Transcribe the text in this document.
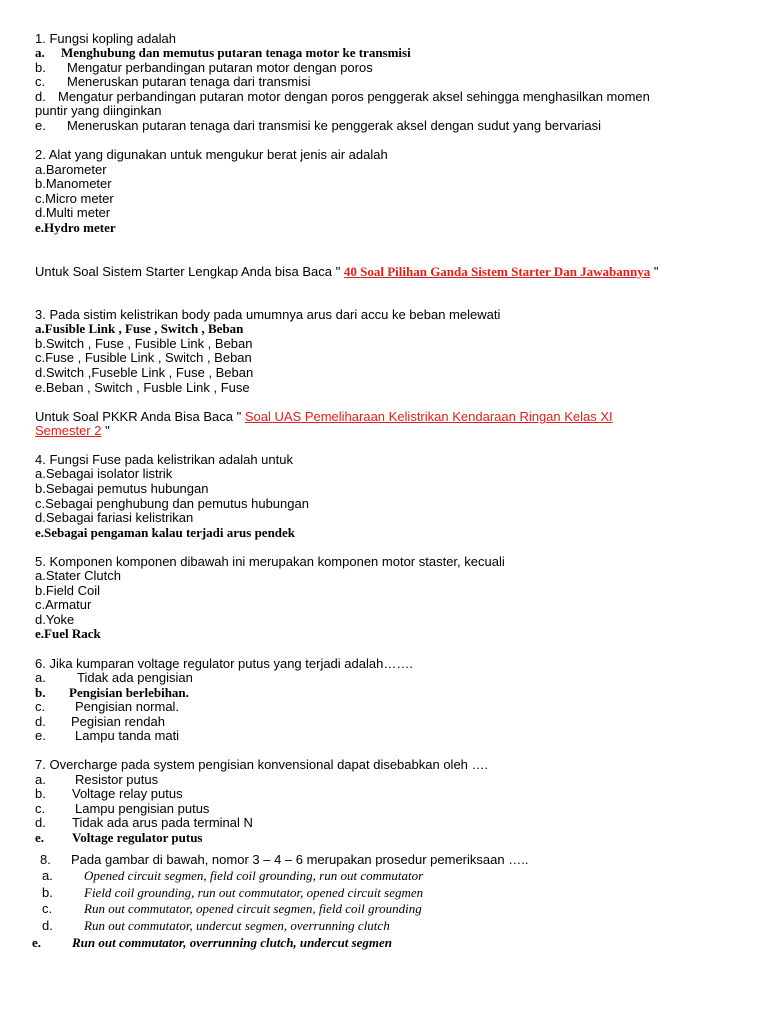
1. Fungsi kopling adalah
a. Menghubung dan memutus putaran tenaga motor ke transmisi
b. Mengatur perbandingan putaran motor dengan poros
c. Meneruskan putaran tenaga dari transmisi
d. Mengatur perbandingan putaran motor dengan poros penggerak aksel sehingga menghasilkan momen
puntir yang diinginkan
e. Meneruskan putaran tenaga dari transmisi ke penggerak aksel dengan sudut yang bervariasi
2. Alat yang digunakan untuk mengukur berat jenis air adalah
a.Barometer
b.Manometer
c.Micro meter
d.Multi meter
e.Hydro meter
Untuk Soal Sistem Starter Lengkap Anda bisa Baca " 40 Soal Pilihan Ganda Sistem Starter Dan Jawabannya "
3. Pada sistim kelistrikan body pada umumnya arus dari accu ke beban melewati
a.Fusible Link , Fuse , Switch , Beban
b.Switch , Fuse , Fusible Link , Beban
c.Fuse , Fusible Link , Switch , Beban
d.Switch ,Fuseble Link , Fuse , Beban
e.Beban , Switch , Fusble Link , Fuse
Untuk Soal PKKR Anda Bisa Baca " Soal UAS Pemeliharaan Kelistrikan Kendaraan Ringan Kelas XI
Semester 2 "
4. Fungsi Fuse pada kelistrikan adalah untuk
a.Sebagai isolator listrik
b.Sebagai pemutus hubungan
c.Sebagai penghubung dan pemutus hubungan
d.Sebagai fariasi kelistrikan
e.Sebagai pengaman kalau terjadi arus pendek
5. Komponen komponen dibawah ini merupakan komponen motor staster, kecuali
a.Stater Clutch
b.Field Coil
c.Armatur
d.Yoke
e.Fuel Rack
6. Jika kumparan voltage regulator putus yang terjadi adalah…….
a. Tidak ada pengisian
b. Pengisian berlebihan.
c. Pengisian normal.
d. Pegisian rendah
e. Lampu tanda mati
7. Overcharge pada system pengisian konvensional dapat disebabkan oleh ….
a. Resistor putus
b. Voltage relay putus
c. Lampu pengisian putus
d. Tidak ada arus pada terminal N
e. Voltage regulator putus
8. Pada gambar di bawah, nomor 3 – 4 – 6 merupakan prosedur pemeriksaan …..
a. Opened circuit segmen, field coil grounding, run out commutator
b. Field coil grounding, run out commutator, opened circuit segmen
c. Run out commutator, opened circuit segmen, field coil grounding
d. Run out commutator, undercut segmen, overrunning clutch
e. Run out commutator, overrunning clutch, undercut segmen
